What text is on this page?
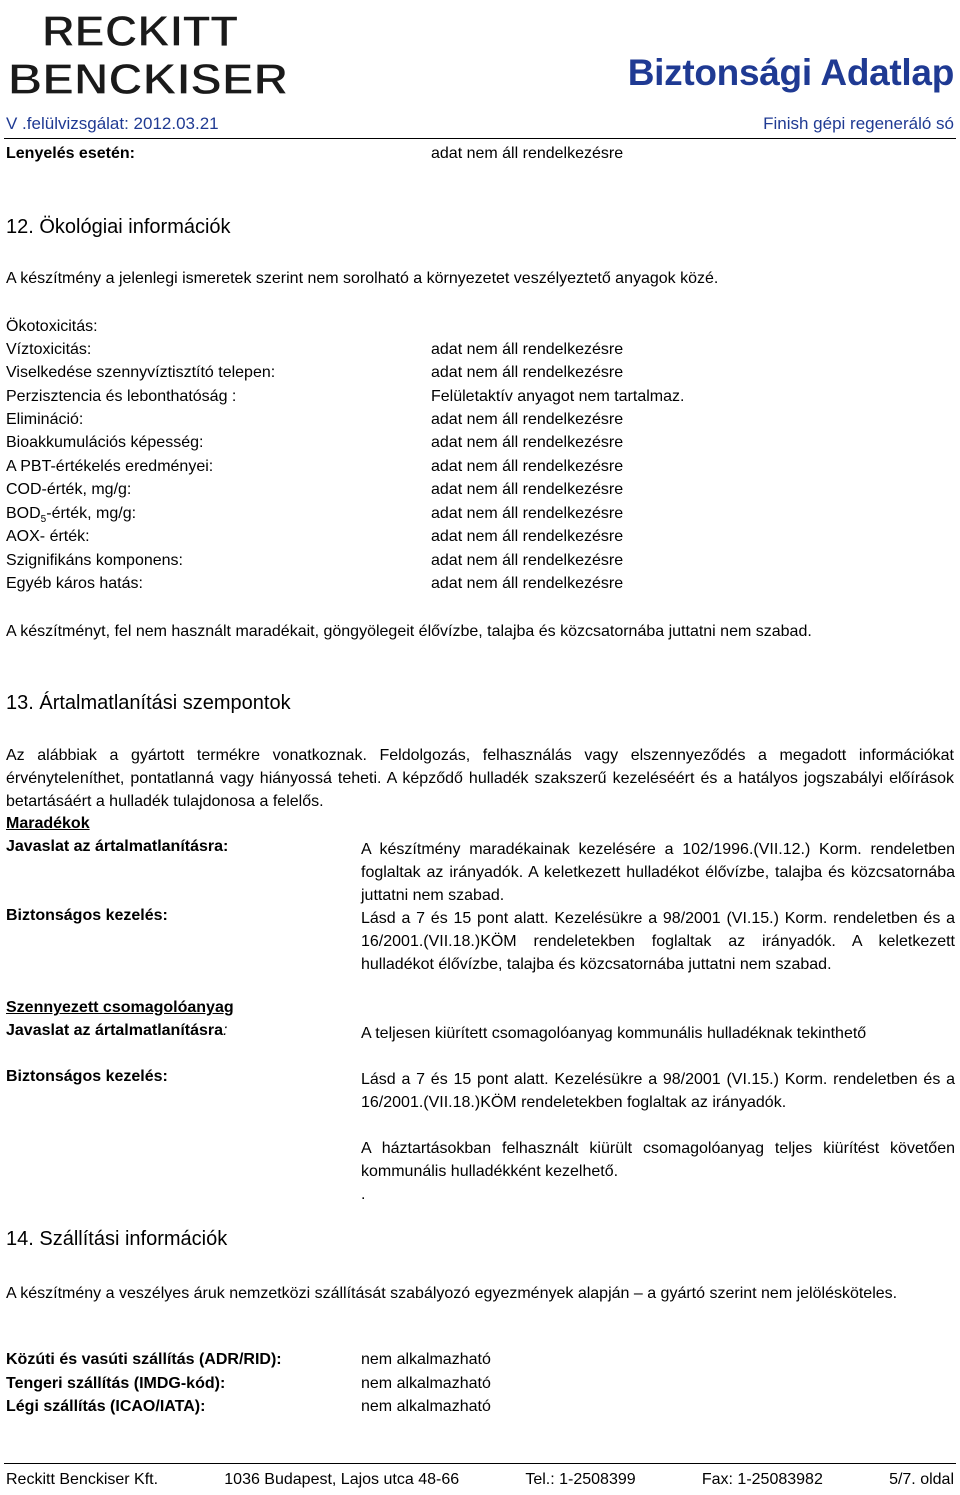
RECKITT
BENCKISER	Biztonsági Adatlap
V .felülvizsgálat: 2012.03.21	Finish gépi regeneráló só
Lenyelés esetén:	adat nem áll rendelkezésre
12. Ökológiai információk
A készítmény a jelenlegi ismeretek szerint nem sorolható a környezetet veszélyeztető anyagok közé.
Ökotoxicitás:
Víztoxicitás:	adat nem áll rendelkezésre
Viselkedése szennyvíztisztító telepen:	adat nem áll rendelkezésre
Perzisztencia és lebonthatóság :	Felületaktív anyagot nem tartalmaz.
Elimináció:	adat nem áll rendelkezésre
Bioakkumulációs képesség:	adat nem áll rendelkezésre
A PBT-értékelés eredményei:	adat nem áll rendelkezésre
COD-érték, mg/g:	adat nem áll rendelkezésre
$BOD_5$-érték, mg/g:	adat nem áll rendelkezésre
AOX- érték:	adat nem áll rendelkezésre
Szignifikáns komponens:	adat nem áll rendelkezésre
Egyéb káros hatás:	adat nem áll rendelkezésre
A készítményt, fel nem használt maradékait, göngyölegeit élővízbe, talajba és közcsatornába juttatni nem szabad.
13. Ártalmatlanítási szempontok
Az alábbiak a gyártott termékre vonatkoznak. Feldolgozás, felhasználás vagy elszennyeződés a megadott információkat érvényteleníthet, pontatlanná vagy hiányossá teheti. A képződő hulladék szakszerű kezeléséért és a hatályos jogszabályi előírások betartásáért a hulladék tulajdonosa a felelős.
Maradékok
Javaslat az ártalmatlanításra:	A készítmény maradékainak kezelésére a 102/1996.(VII.12.) Korm. rendeletben foglaltak az irányadók. A keletkezett hulladékot élővízbe, talajba és közcsatornába juttatni nem szabad.
Biztonságos kezelés:	Lásd a 7 és 15 pont alatt. Kezelésükre a 98/2001 (VI.15.) Korm. rendeletben és a 16/2001.(VII.18.)KÖM rendeletekben foglaltak az irányadók. A keletkezett hulladékot élővízbe, talajba és közcsatornába juttatni nem szabad.
Szennyezett csomagolóanyag
Javaslat az ártalmatlanításra:	A teljesen kiürített csomagolóanyag kommunális hulladéknak tekinthető
Biztonságos kezelés:	Lásd a 7 és 15 pont alatt. Kezelésükre a 98/2001 (VI.15.) Korm. rendeletben és a 16/2001.(VII.18.)KÖM rendeletekben foglaltak az irányadók.
A háztartásokban felhasznált kiürült csomagolóanyag teljes kiürítést követően kommunális hulladékként kezelhető.
.
14. Szállítási információk
A készítmény a veszélyes áruk nemzetközi szállítását szabályozó egyezmények alapján – a gyártó szerint nem jelölésköteles.
Közúti és vasúti szállítás (ADR/RID):	nem alkalmazható
Tengeri szállítás (IMDG-kód):	nem alkalmazható
Légi szállítás (ICAO/IATA):	nem alkalmazható
Reckitt Benckiser Kft.	1036 Budapest, Lajos utca 48-66	Tel.: 1-2508399	Fax: 1-25083982	5/7. oldal
